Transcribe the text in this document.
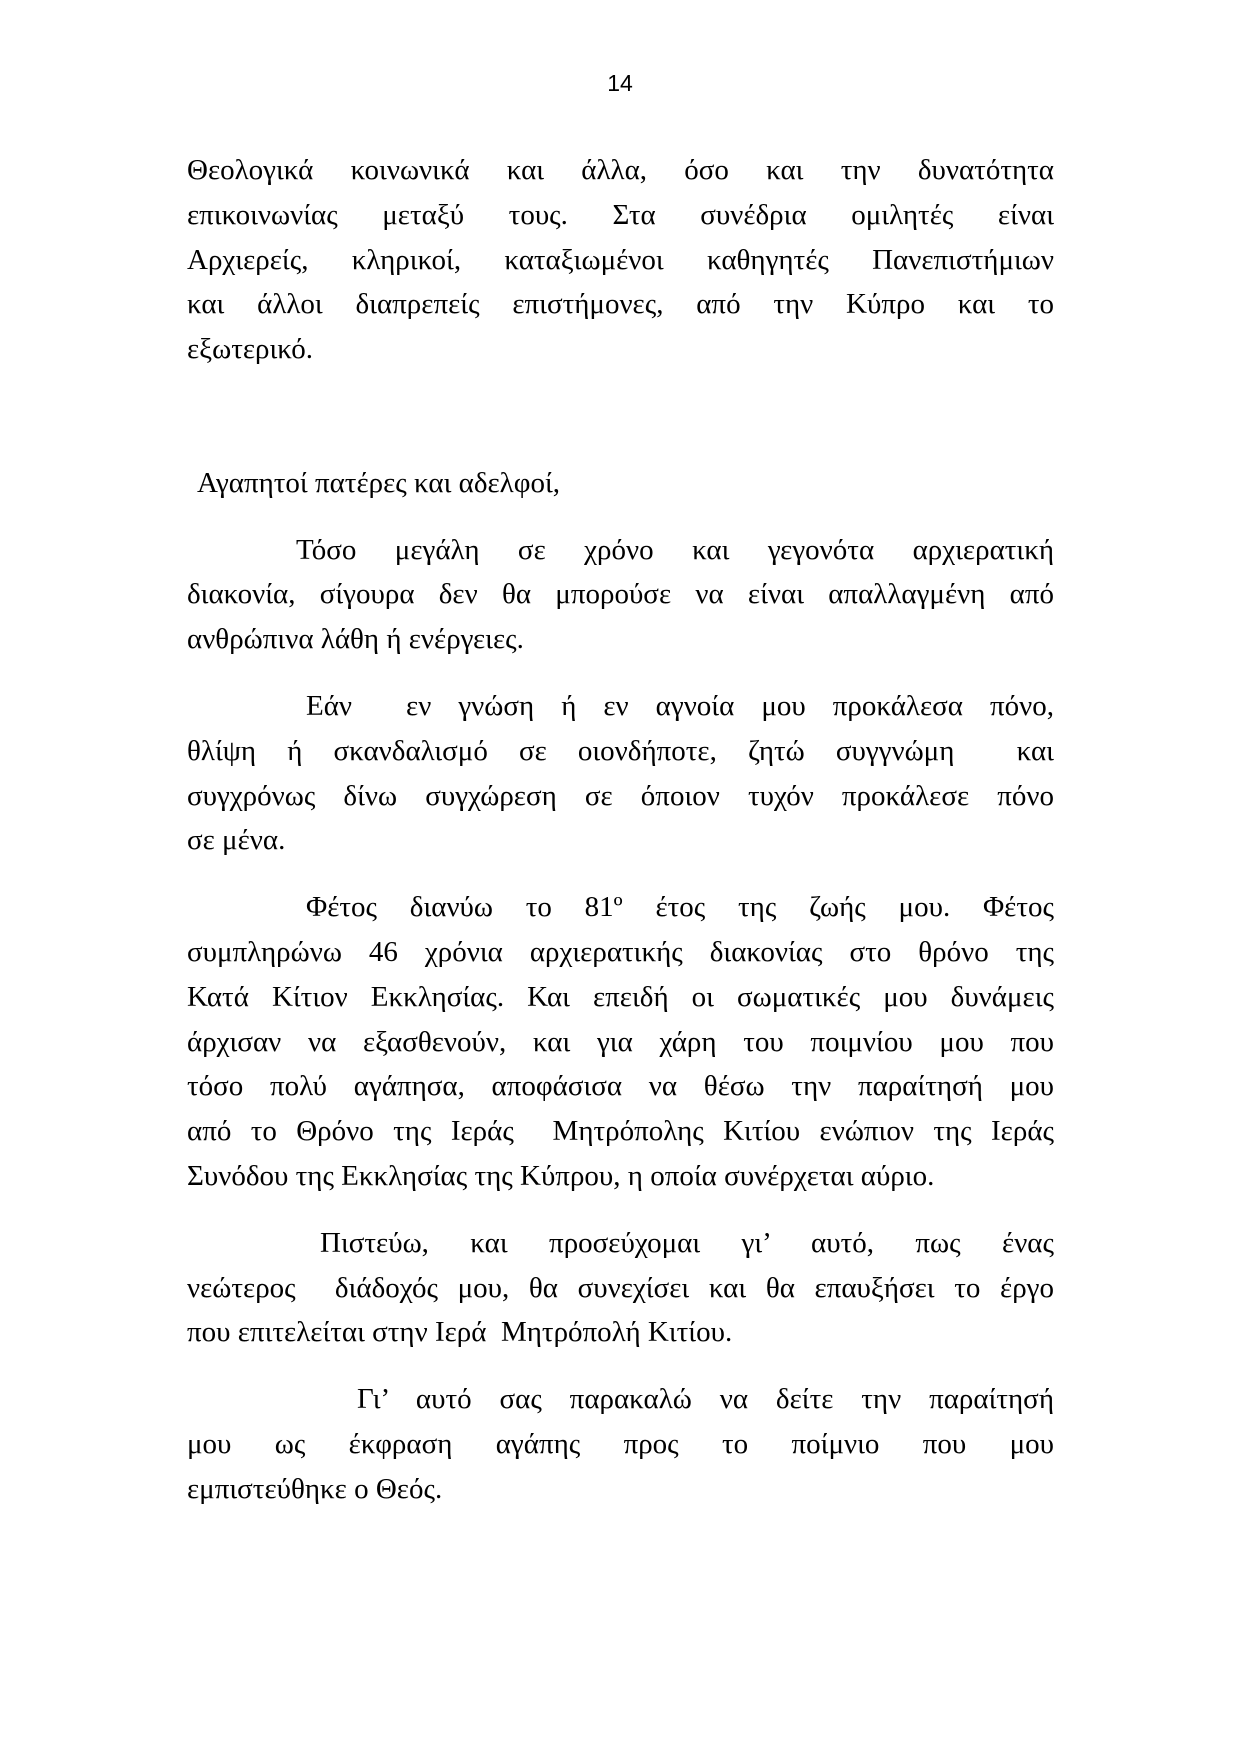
14
Θεολογικά κοινωνικά και άλλα, όσο και την δυνατότητα
επικοινωνίας μεταξύ τους. Στα συνέδρια ομιλητές είναι
Αρχιερείς, κληρικοί, καταξιωμένοι καθηγητές Πανεπιστήμιων
και άλλοι διαπρεπείς επιστήμονες, από την Κύπρο και το
εξωτερικό.
Αγαπητοί πατέρες και αδελφοί,
Τόσο μεγάλη σε χρόνο και γεγονότα αρχιερατική
διακονία, σίγουρα δεν θα μπορούσε να είναι απαλλαγμένη από
ανθρώπινα λάθη ή ενέργειες.
Εάν  εν γνώση ή εν αγνοία μου προκάλεσα πόνο,
θλίψη ή σκανδαλισμό σε οιονδήποτε, ζητώ συγγνώμη  και
συγχρόνως δίνω συγχώρεση σε όποιον τυχόν προκάλεσε πόνο
σε μένα.
Φέτος διανύω το 81º έτος της ζωής μου. Φέτος
συμπληρώνω 46 χρόνια αρχιερατικής διακονίας στο θρόνο της
Κατά Κίτιον Εκκλησίας. Και επειδή οι σωματικές μου δυνάμεις
άρχισαν να εξασθενούν, και για χάρη του ποιμνίου μου που
τόσο πολύ αγάπησα, αποφάσισα να θέσω την παραίτησή μου
από το Θρόνο της Ιεράς  Μητρόπολης Κιτίου ενώπιον της Ιεράς
Συνόδου της Εκκλησίας της Κύπρου, η οποία συνέρχεται αύριο.
Πιστεύω, και προσεύχομαι γι’ αυτό, πως ένας
νεώτερος  διάδοχός μου, θα συνεχίσει και θα επαυξήσει το έργο
που επιτελείται στην Ιερά  Μητρόπολή Κιτίου.
Γι’ αυτό σας παρακαλώ να δείτε την παραίτησή
μου ως έκφραση αγάπης προς το ποίμνιο που μου
εμπιστεύθηκε ο Θεός.
